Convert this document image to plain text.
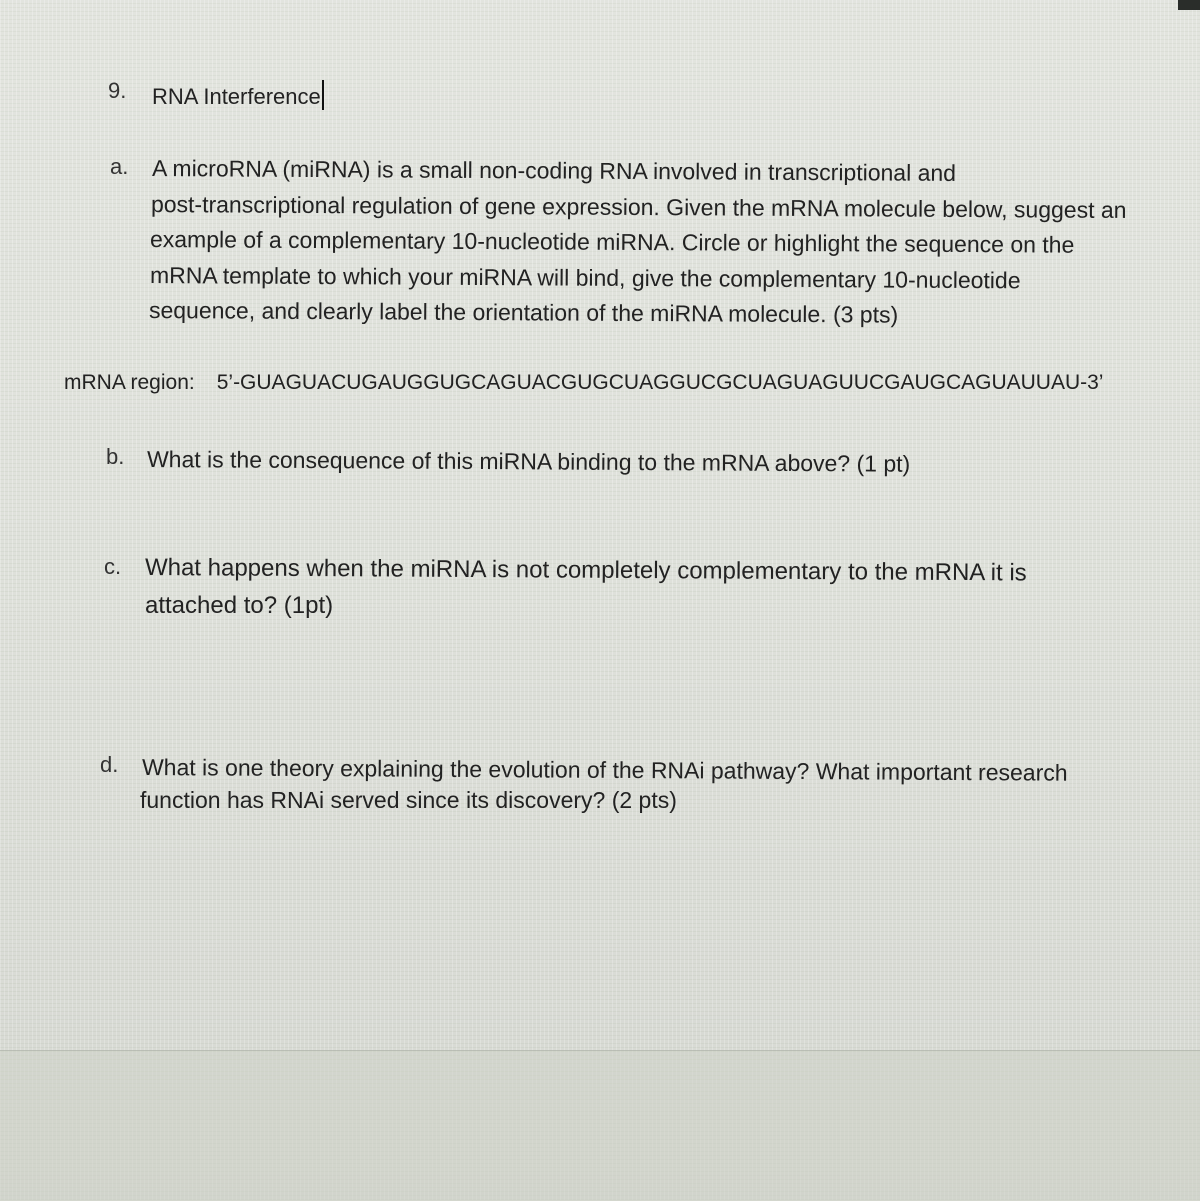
9. RNA Interference
a. A microRNA (miRNA) is a small non-coding RNA involved in transcriptional and
post-transcriptional regulation of gene expression. Given the mRNA molecule below, suggest an
example of a complementary 10-nucleotide miRNA. Circle or highlight the sequence on the
mRNA template to which your miRNA will bind, give the complementary 10-nucleotide
sequence, and clearly label the orientation of the miRNA molecule. (3 pts)
mRNA region: 5’-GUAGUACUGAUGGUGCAGUACGUGCUAGGUCGCUAGUAGUUCGAUGCAGUAUUAU-3’
b. What is the consequence of this miRNA binding to the mRNA above? (1 pt)
c. What happens when the miRNA is not completely complementary to the mRNA it is
attached to? (1pt)
d. What is one theory explaining the evolution of the RNAi pathway? What important research
function has RNAi served since its discovery? (2 pts)
